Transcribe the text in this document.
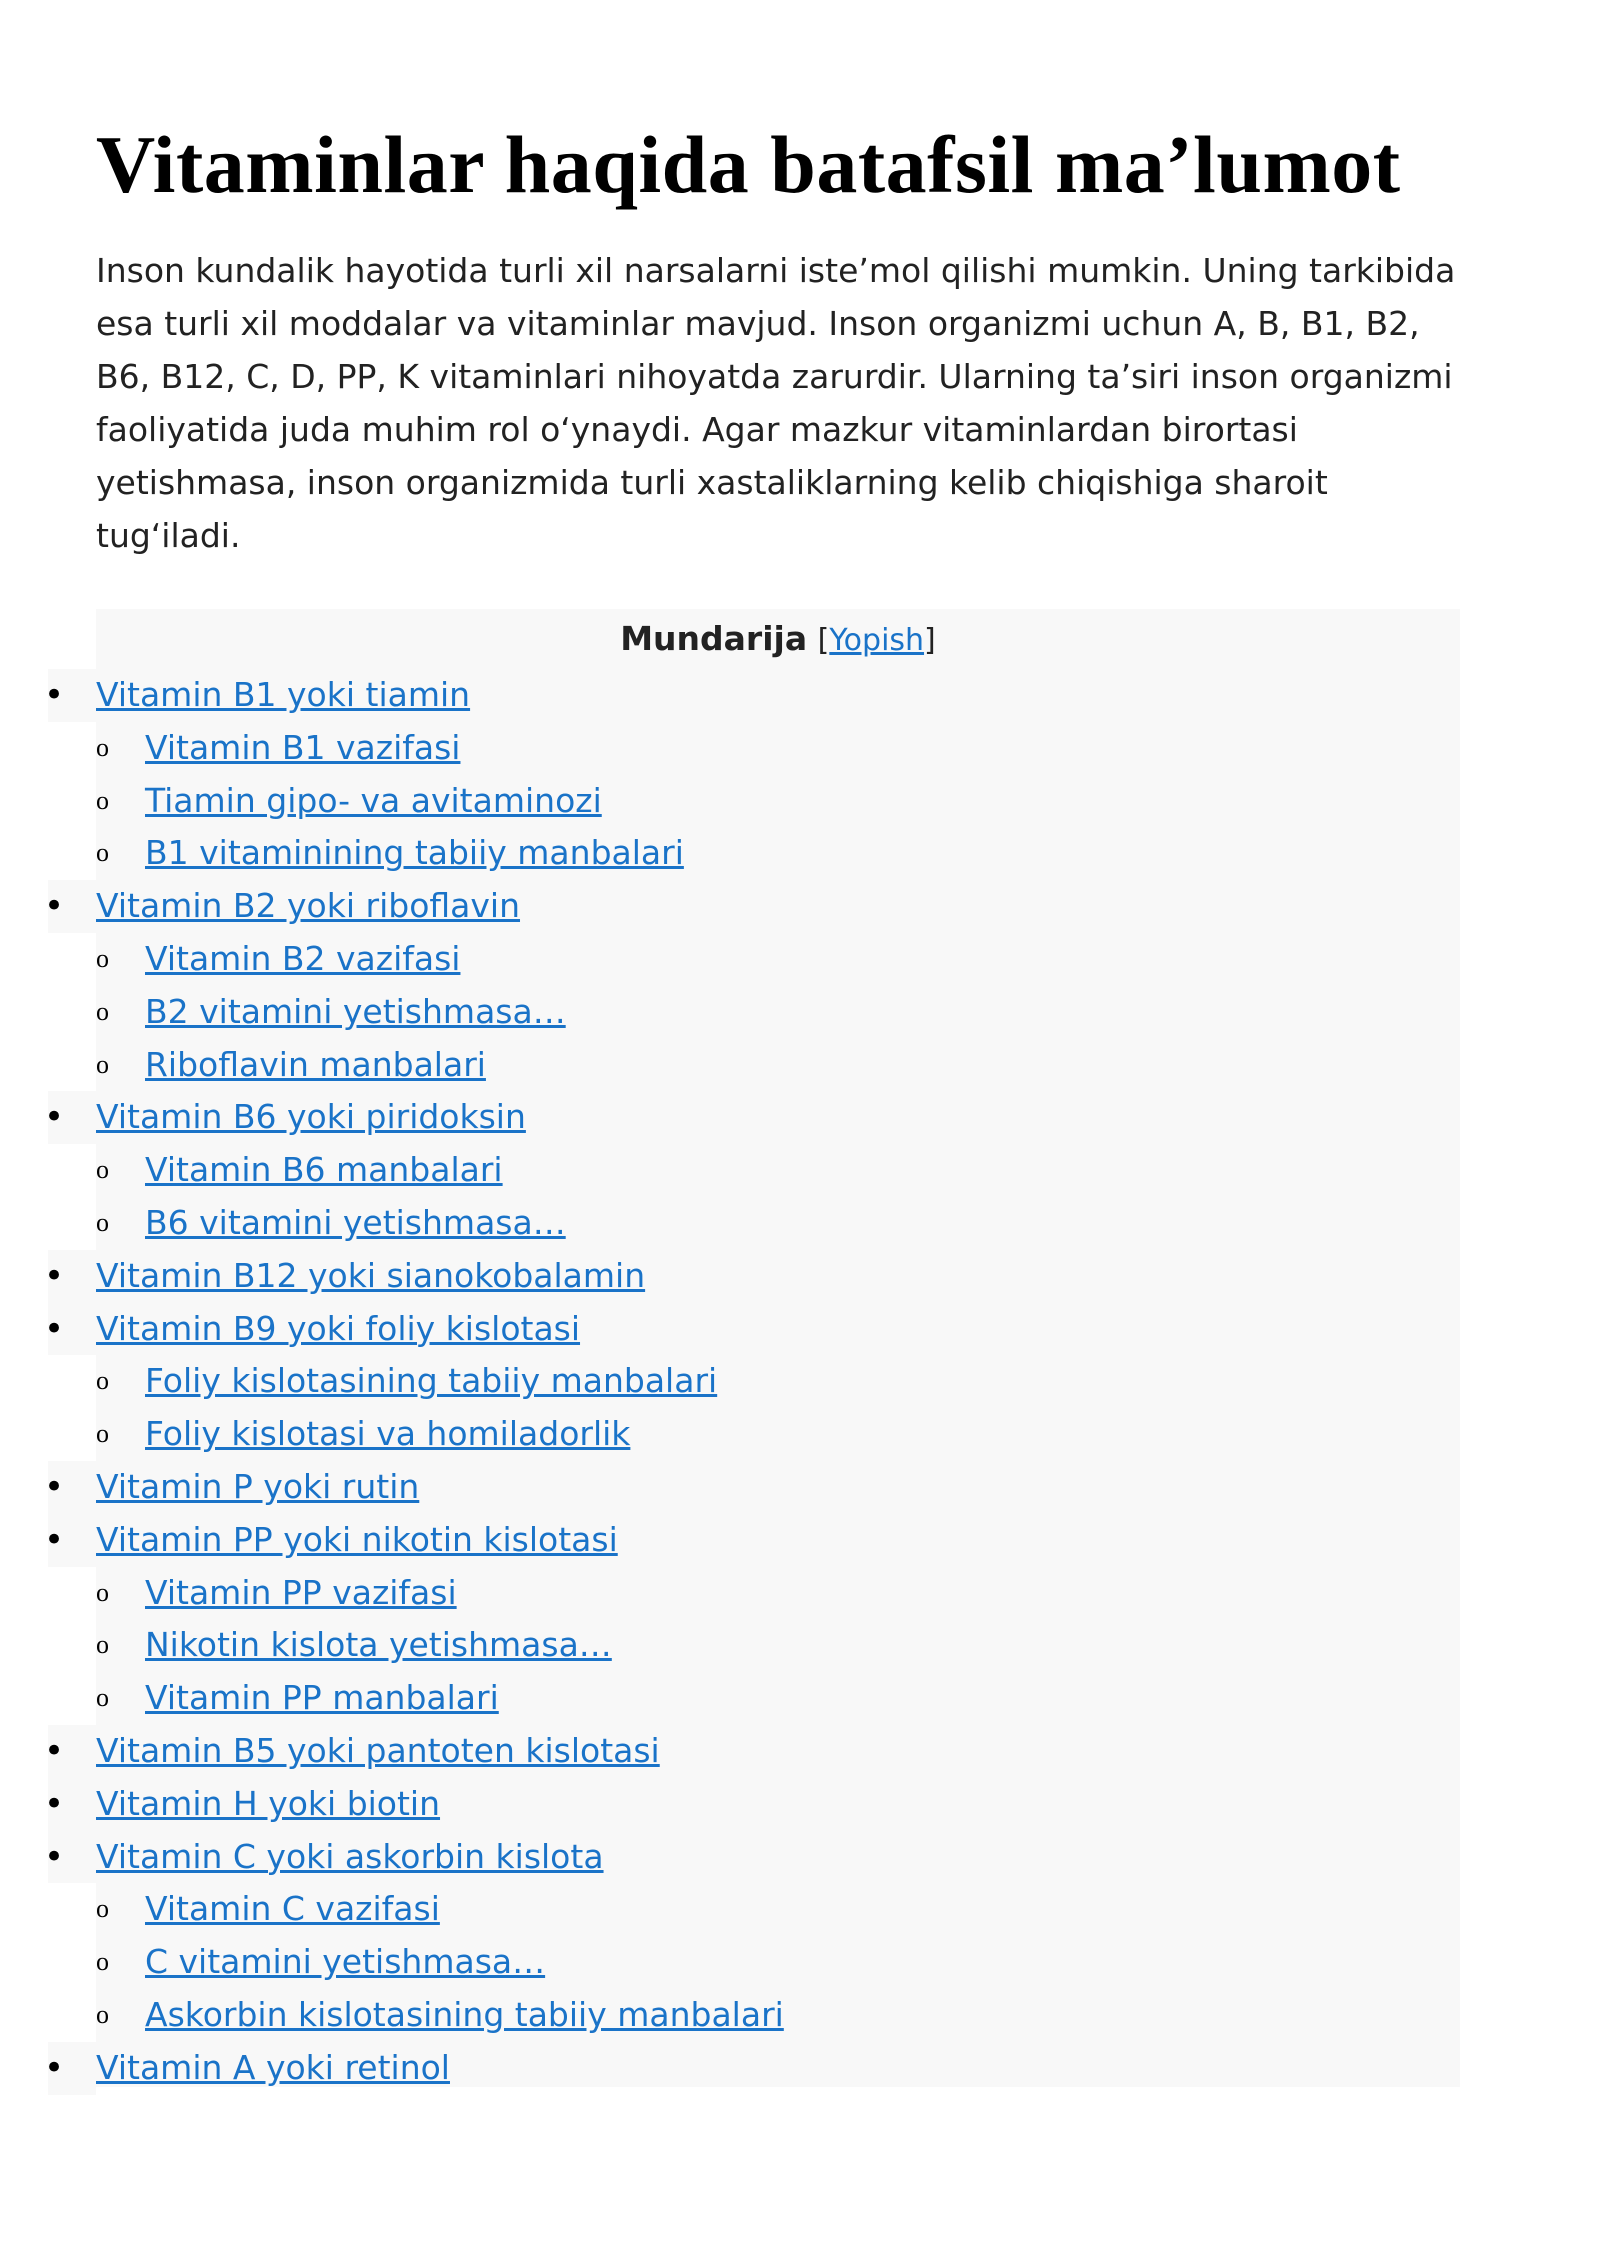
Vitaminlar haqida batafsil ma’lumot

Inson kundalik hayotida turli xil narsalarni iste’mol qilishi mumkin. Uning tarkibida esa turli xil moddalar va vitaminlar mavjud. Inson organizmi uchun A, B, B1, B2, B6, B12, C, D, PP, K vitaminlari nihoyatda zarurdir. Ularning ta’siri inson organizmi faoliyatida juda muhim rol o‘ynaydi. Agar mazkur vitaminlardan birortasi yetishmasa, inson organizmida turli xastaliklarning kelib chiqishiga sharoit tug‘iladi.

Mundarija [Yopish]
• Vitamin B1 yoki tiamin
o Vitamin B1 vazifasi
o Tiamin gipo- va avitaminozi
o B1 vitaminining tabiiy manbalari
• Vitamin B2 yoki riboflavin
o Vitamin B2 vazifasi
o B2 vitamini yetishmasa…
o Riboflavin manbalari
• Vitamin B6 yoki piridoksin
o Vitamin B6 manbalari
o B6 vitamini yetishmasa…
• Vitamin B12 yoki sianokobalamin
• Vitamin B9 yoki foliy kislotasi
o Foliy kislotasining tabiiy manbalari
o Foliy kislotasi va homiladorlik
• Vitamin P yoki rutin
• Vitamin PP yoki nikotin kislotasi
o Vitamin PP vazifasi
o Nikotin kislota yetishmasa…
o Vitamin PP manbalari
• Vitamin B5 yoki pantoten kislotasi
• Vitamin H yoki biotin
• Vitamin C yoki askorbin kislota
o Vitamin C vazifasi
o C vitamini yetishmasa…
o Askorbin kislotasining tabiiy manbalari
• Vitamin A yoki retinol
